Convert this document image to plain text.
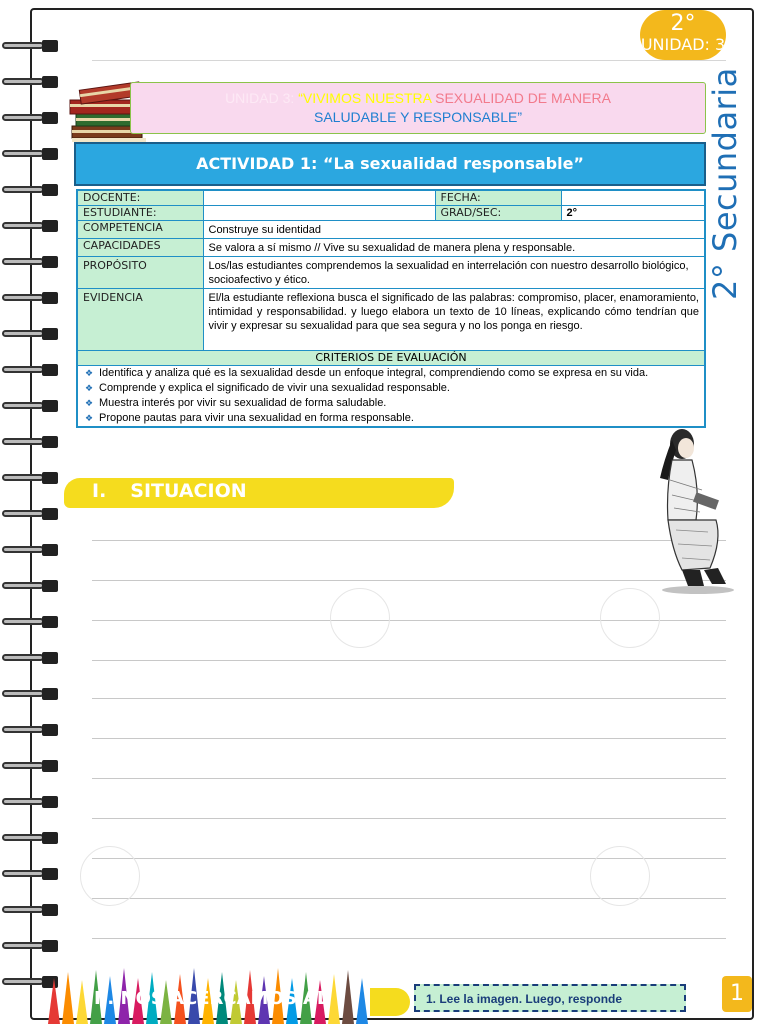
2°
UNIDAD: 3
2° Secundaria
UNIDAD 3: “VIVIMOS NUESTRA SEXUALIDAD DE MANERA
SALUDABLE Y RESPONSABLE”
ACTIVIDAD 1: “La sexualidad responsable”
DOCENTE:		FECHA:	
ESTUDIANTE:		GRAD/SEC:	2°
COMPETENCIA	Construye su identidad		
CAPACIDADES	Se valora a sí mismo // Vive su sexualidad de manera plena y responsable.		
PROPÓSITO	Los/las estudiantes comprendemos la sexualidad en interrelación con nuestro desarrollo biológico, socioafectivo y ético.		
EVIDENCIA	El/la estudiante reflexiona busca el significado de las palabras: compromiso, placer, enamoramiento, intimidad y responsabilidad. y luego elabora un texto de 10 líneas, explicando cómo tendrían que vivir y expresar su sexualidad para que sea segura y no los ponga en riesgo.		
CRITERIOS DE EVALUACIÓN			

❖ Identifica y analiza qué es la sexualidad desde un enfoque integral, comprendiendo como se expresa en su vida.
❖ Comprende y explica el significado de vivir una sexualidad responsable.
❖ Muestra interés por vivir su sexualidad de forma saludable.
❖ Propone pautas para vivir una sexualidad en forma responsable.
I. SITUACION
II. NOS ACERCAMOS AL	1. Lee la imagen. Luego, responde	1
